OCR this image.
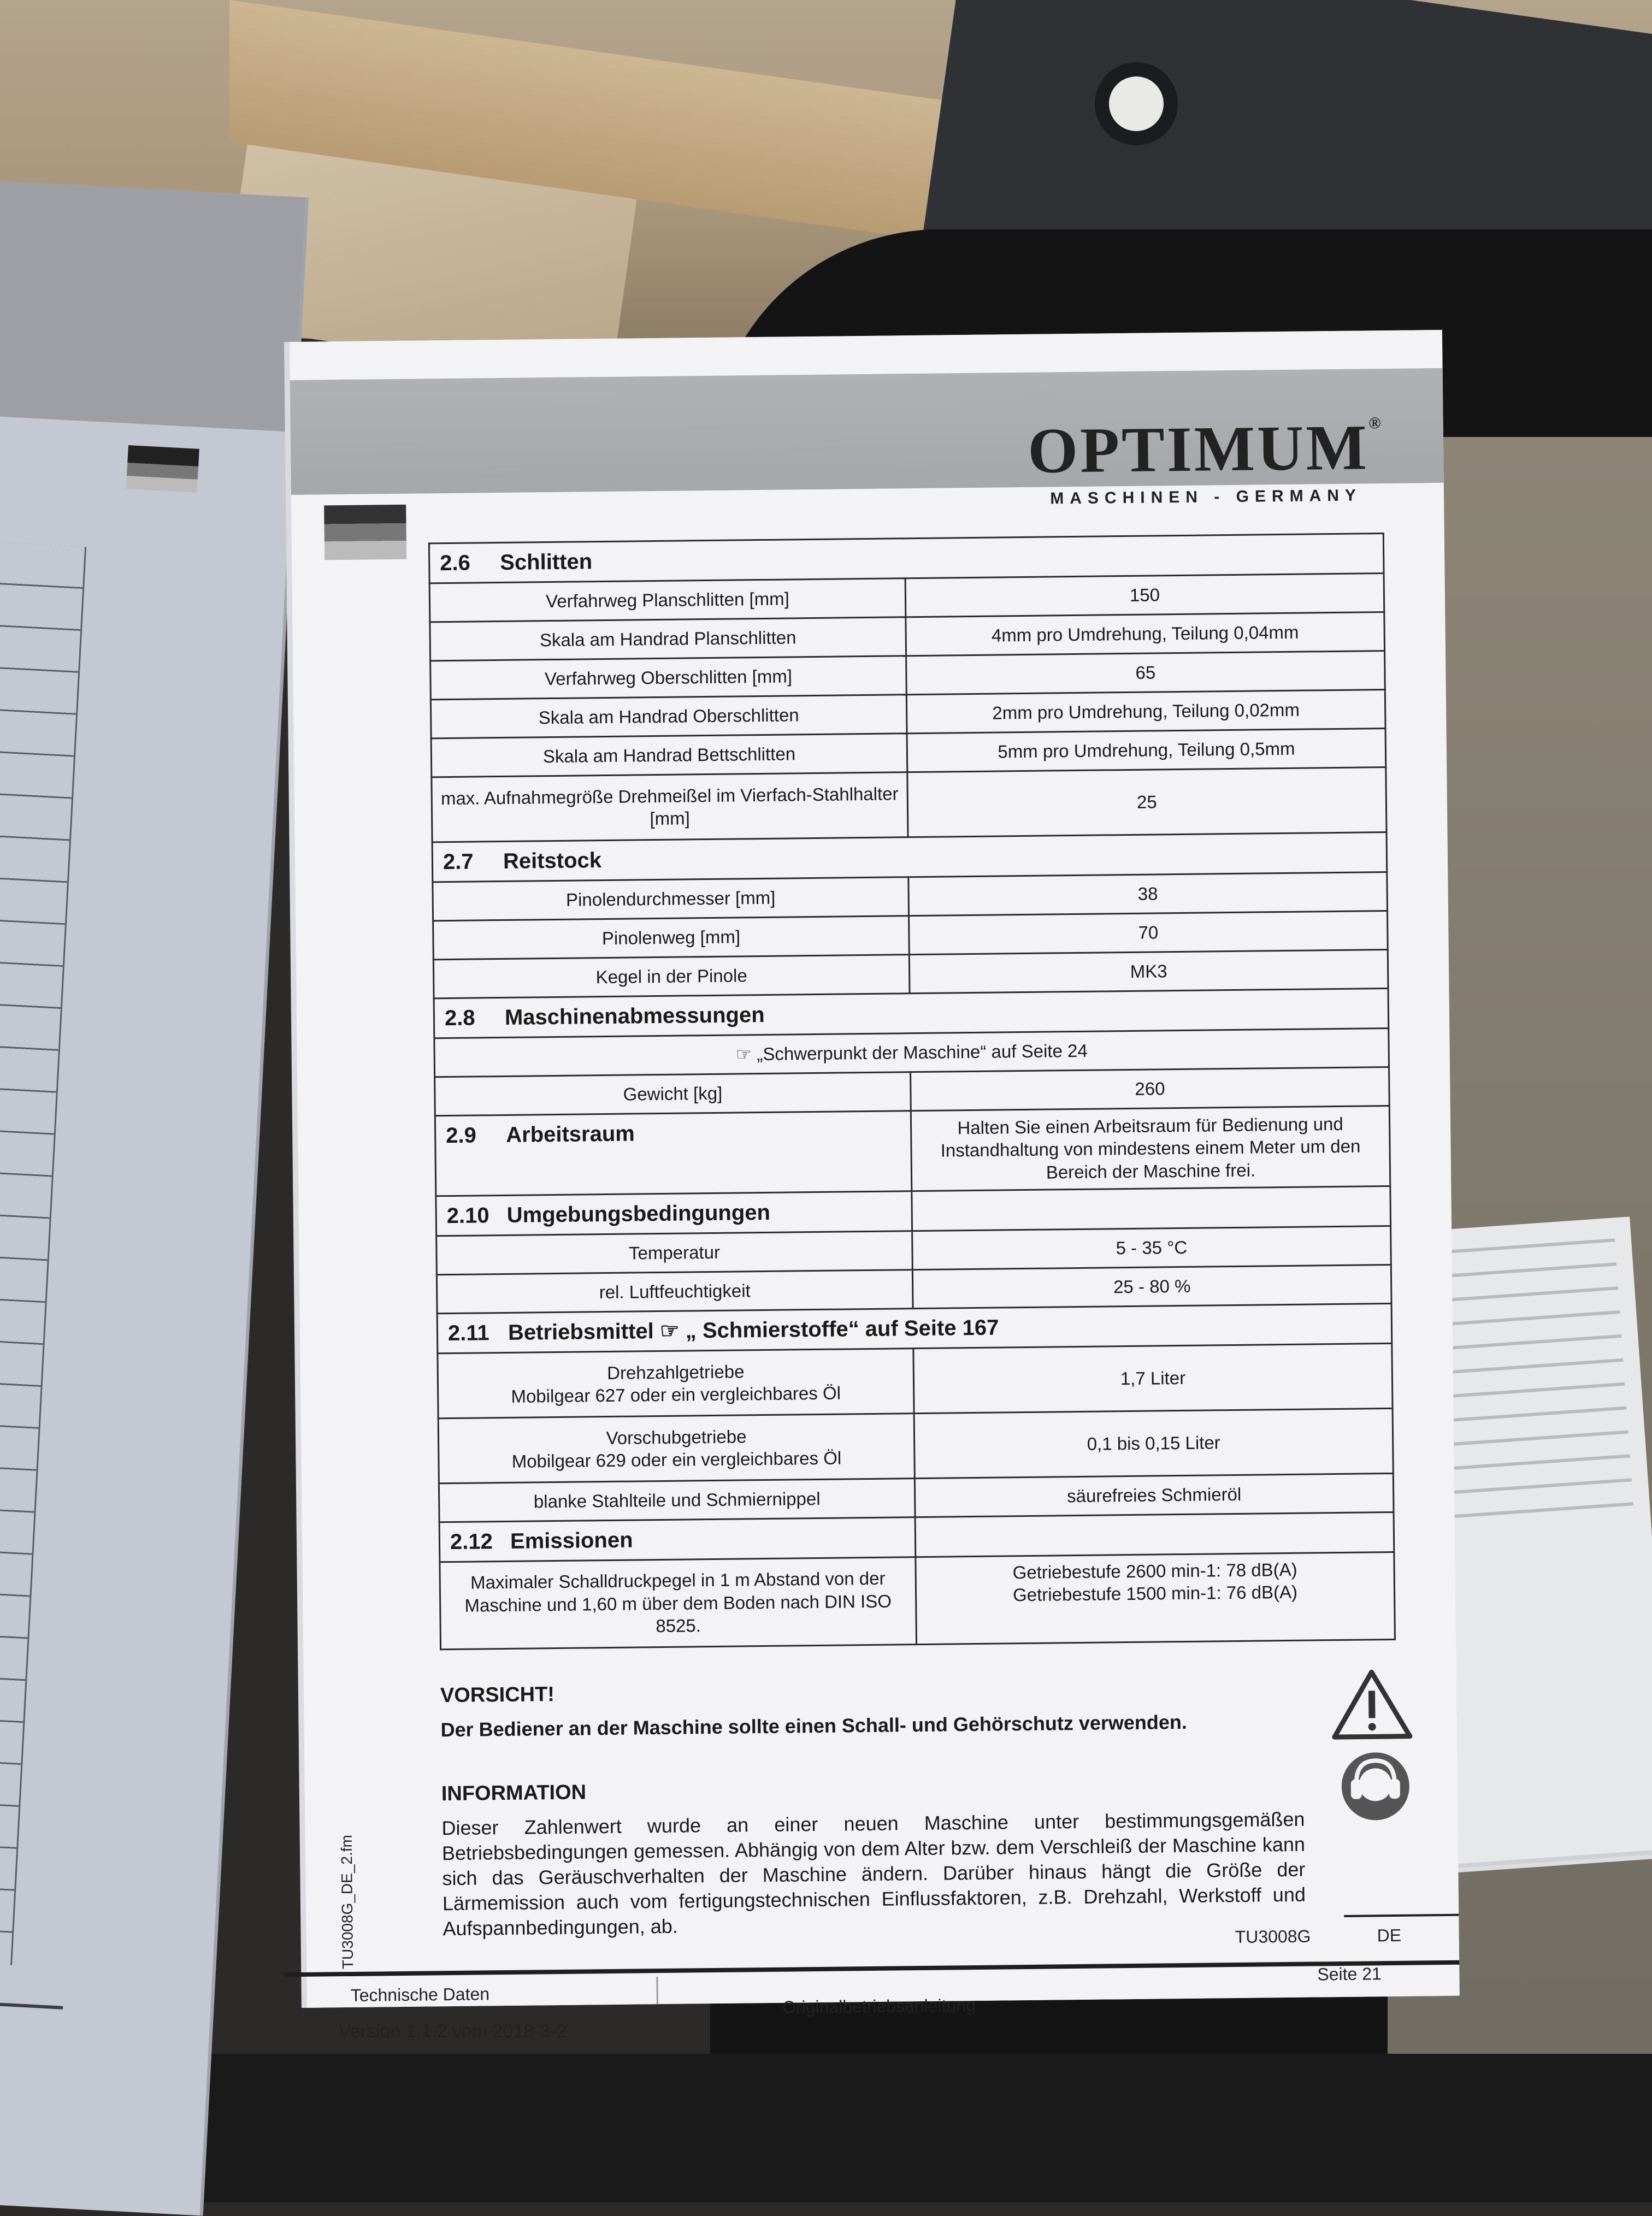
OPTIMUM®
MASCHINEN - GERMANY
2.6 Schlitten	
Verfahrweg Planschlitten [mm]	150
Skala am Handrad Planschlitten	4mm pro Umdrehung, Teilung 0,04mm
Verfahrweg Oberschlitten [mm]	65
Skala am Handrad Oberschlitten	2mm pro Umdrehung, Teilung 0,02mm
Skala am Handrad Bettschlitten	5mm pro Umdrehung, Teilung 0,5mm
max. Aufnahmegröße Drehmeißel im Vierfach-Stahlhalter [mm]	25
2.7 Reitstock	
Pinolendurchmesser [mm]	38
Pinolenweg [mm]	70
Kegel in der Pinole	MK3
2.8 Maschinenabmessungen	
☞ „Schwerpunkt der Maschine“ auf Seite 24	
Gewicht [kg]	260
2.9 Arbeitsraum	Halten Sie einen Arbeitsraum für Bedienung und Instandhaltung von mindestens einem Meter um den Bereich der Maschine frei.
2.10 Umgebungsbedingungen	
Temperatur	5 - 35 °C
rel. Luftfeuchtigkeit	25 - 80 %
2.11 Betriebsmittel ☞ „ Schmierstoffe“ auf Seite 167	
Drehzahlgetriebe
Mobilgear 627 oder ein vergleichbares Öl	1,7 Liter
Vorschubgetriebe
Mobilgear 629 oder ein vergleichbares Öl	0,1 bis 0,15 Liter
blanke Stahlteile und Schmiernippel	säurefreies Schmieröl
2.12 Emissionen	
Maximaler Schalldruckpegel in 1 m Abstand von der Maschine und 1,60 m über dem Boden nach DIN ISO 8525.	Getriebestufe 2600 min-1: 78 dB(A)
Getriebestufe 1500 min-1: 76 dB(A)
VORSICHT!
Der Bediener an der Maschine sollte einen Schall- und Gehörschutz verwenden.
INFORMATION
Dieser Zahlenwert wurde an einer neuen Maschine unter bestimmungsgemäßen Betriebsbedingungen gemessen. Abhängig von dem Alter bzw. dem Verschleiß der Maschine kann sich das Geräuschverhalten der Maschine ändern. Darüber hinaus hängt die Größe der Lärmemission auch vom fertigungstechnischen Einflussfaktoren, z.B. Drehzahl, Werkstoff und Aufspannbedingungen, ab.
TU3008G_DE_2.fm	TU3008G	DE
Seite 21
Technische Daten
Originalbetriebsanleitung
Version 1.1.2 vom 2018-3-2
